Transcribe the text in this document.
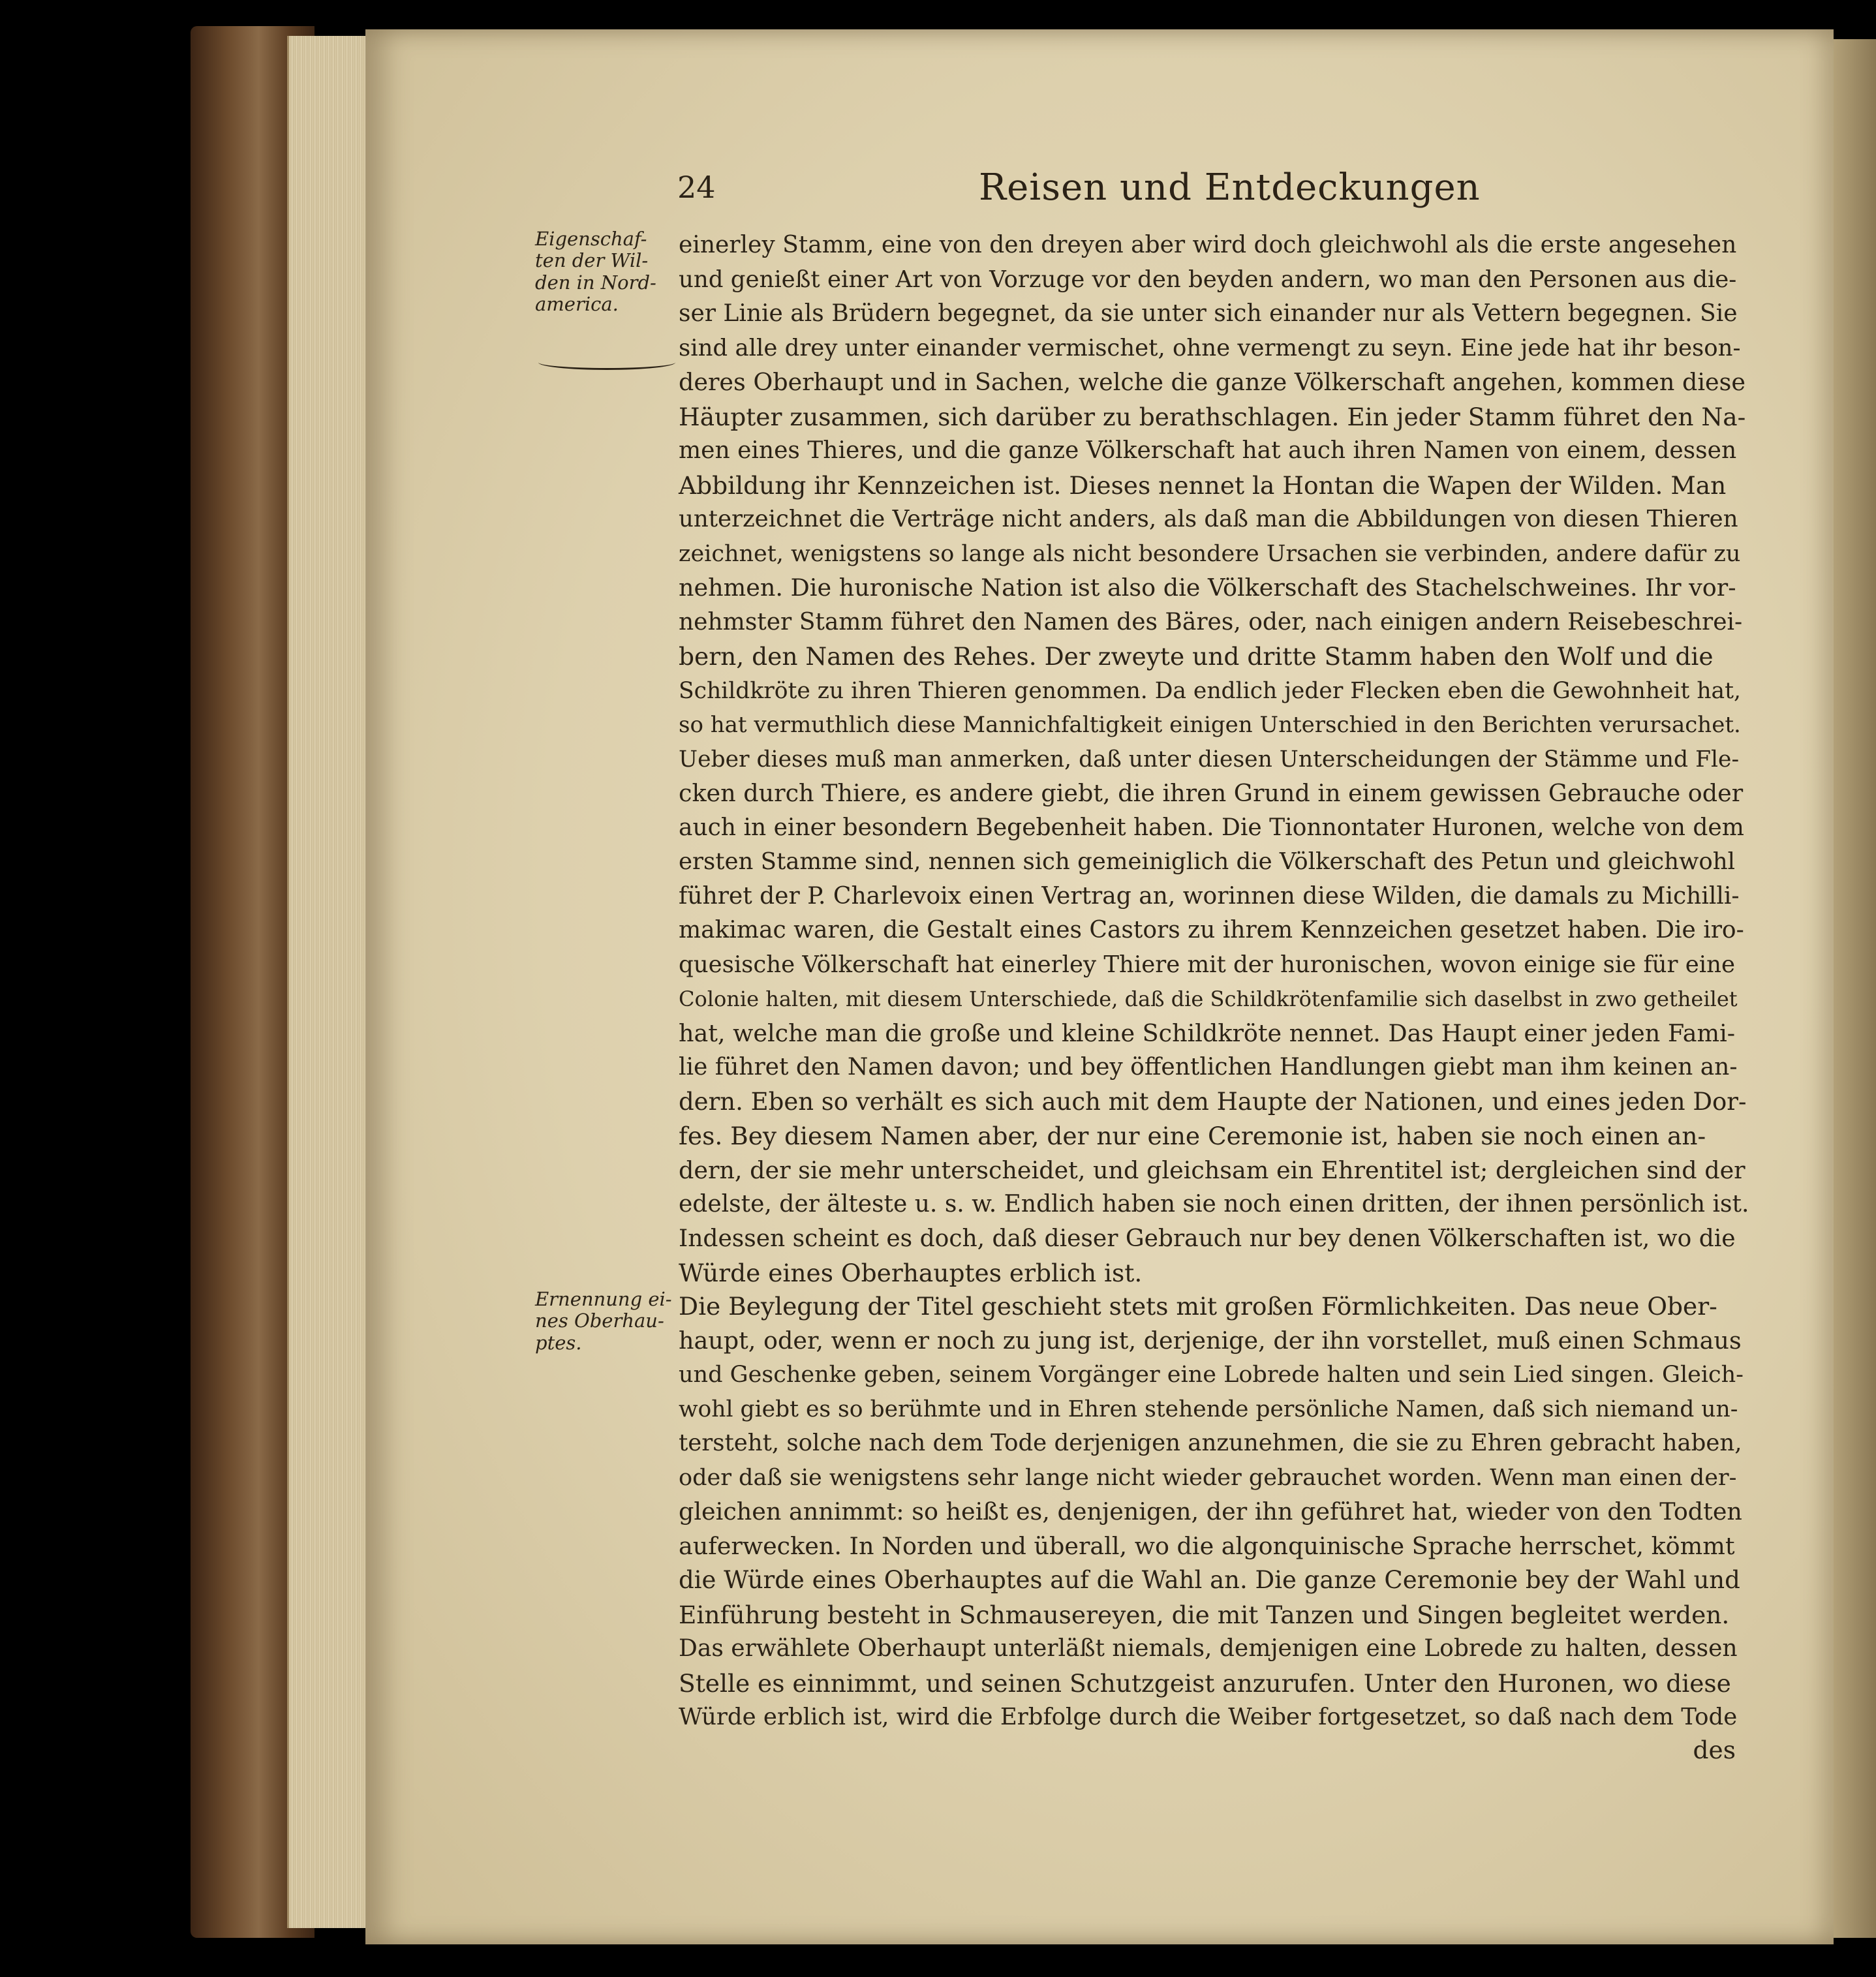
24	Reisen und Entdeckungen
Eigenschaf-
ten der Wil-
den in Nord-
america.
Ernennung ei-
nes Oberhau-
ptes.
einerley Stamm, eine von den dreyen aber wird doch gleichwohl als die erste angesehen
und genießt einer Art von Vorzuge vor den beyden andern, wo man den Personen aus die-
ser Linie als Brüdern begegnet, da sie unter sich einander nur als Vettern begegnen. Sie
sind alle drey unter einander vermischet, ohne vermengt zu seyn. Eine jede hat ihr beson-
deres Oberhaupt und in Sachen, welche die ganze Völkerschaft angehen, kommen diese
Häupter zusammen, sich darüber zu berathschlagen. Ein jeder Stamm führet den Na-
men eines Thieres, und die ganze Völkerschaft hat auch ihren Namen von einem, dessen
Abbildung ihr Kennzeichen ist. Dieses nennet la Hontan die Wapen der Wilden. Man
unterzeichnet die Verträge nicht anders, als daß man die Abbildungen von diesen Thieren
zeichnet, wenigstens so lange als nicht besondere Ursachen sie verbinden, andere dafür zu
nehmen. Die huronische Nation ist also die Völkerschaft des Stachelschweines. Ihr vor-
nehmster Stamm führet den Namen des Bäres, oder, nach einigen andern Reisebeschrei-
bern, den Namen des Rehes. Der zweyte und dritte Stamm haben den Wolf und die
Schildkröte zu ihren Thieren genommen. Da endlich jeder Flecken eben die Gewohnheit hat,
so hat vermuthlich diese Mannichfaltigkeit einigen Unterschied in den Berichten verursachet.
Ueber dieses muß man anmerken, daß unter diesen Unterscheidungen der Stämme und Fle-
cken durch Thiere, es andere giebt, die ihren Grund in einem gewissen Gebrauche oder
auch in einer besondern Begebenheit haben. Die Tionnontater Huronen, welche von dem
ersten Stamme sind, nennen sich gemeiniglich die Völkerschaft des Petun und gleichwohl
führet der P. Charlevoix einen Vertrag an, worinnen diese Wilden, die damals zu Michilli-
makimac waren, die Gestalt eines Castors zu ihrem Kennzeichen gesetzet haben. Die iro-
quesische Völkerschaft hat einerley Thiere mit der huronischen, wovon einige sie für eine
Colonie halten, mit diesem Unterschiede, daß die Schildkrötenfamilie sich daselbst in zwo getheilet
hat, welche man die große und kleine Schildkröte nennet. Das Haupt einer jeden Fami-
lie führet den Namen davon; und bey öffentlichen Handlungen giebt man ihm keinen an-
dern. Eben so verhält es sich auch mit dem Haupte der Nationen, und eines jeden Dor-
fes. Bey diesem Namen aber, der nur eine Ceremonie ist, haben sie noch einen an-
dern, der sie mehr unterscheidet, und gleichsam ein Ehrentitel ist; dergleichen sind der
edelste, der älteste u. s. w. Endlich haben sie noch einen dritten, der ihnen persönlich ist.
Indessen scheint es doch, daß dieser Gebrauch nur bey denen Völkerschaften ist, wo die
Würde eines Oberhauptes erblich ist.
Die Beylegung der Titel geschieht stets mit großen Förmlichkeiten. Das neue Ober-
haupt, oder, wenn er noch zu jung ist, derjenige, der ihn vorstellet, muß einen Schmaus
und Geschenke geben, seinem Vorgänger eine Lobrede halten und sein Lied singen. Gleich-
wohl giebt es so berühmte und in Ehren stehende persönliche Namen, daß sich niemand un-
tersteht, solche nach dem Tode derjenigen anzunehmen, die sie zu Ehren gebracht haben,
oder daß sie wenigstens sehr lange nicht wieder gebrauchet worden. Wenn man einen der-
gleichen annimmt: so heißt es, denjenigen, der ihn geführet hat, wieder von den Todten
auferwecken. In Norden und überall, wo die algonquinische Sprache herrschet, kömmt
die Würde eines Oberhauptes auf die Wahl an. Die ganze Ceremonie bey der Wahl und
Einführung besteht in Schmausereyen, die mit Tanzen und Singen begleitet werden.
Das erwählete Oberhaupt unterläßt niemals, demjenigen eine Lobrede zu halten, dessen
Stelle es einnimmt, und seinen Schutzgeist anzurufen. Unter den Huronen, wo diese
Würde erblich ist, wird die Erbfolge durch die Weiber fortgesetzet, so daß nach dem Tode
des
